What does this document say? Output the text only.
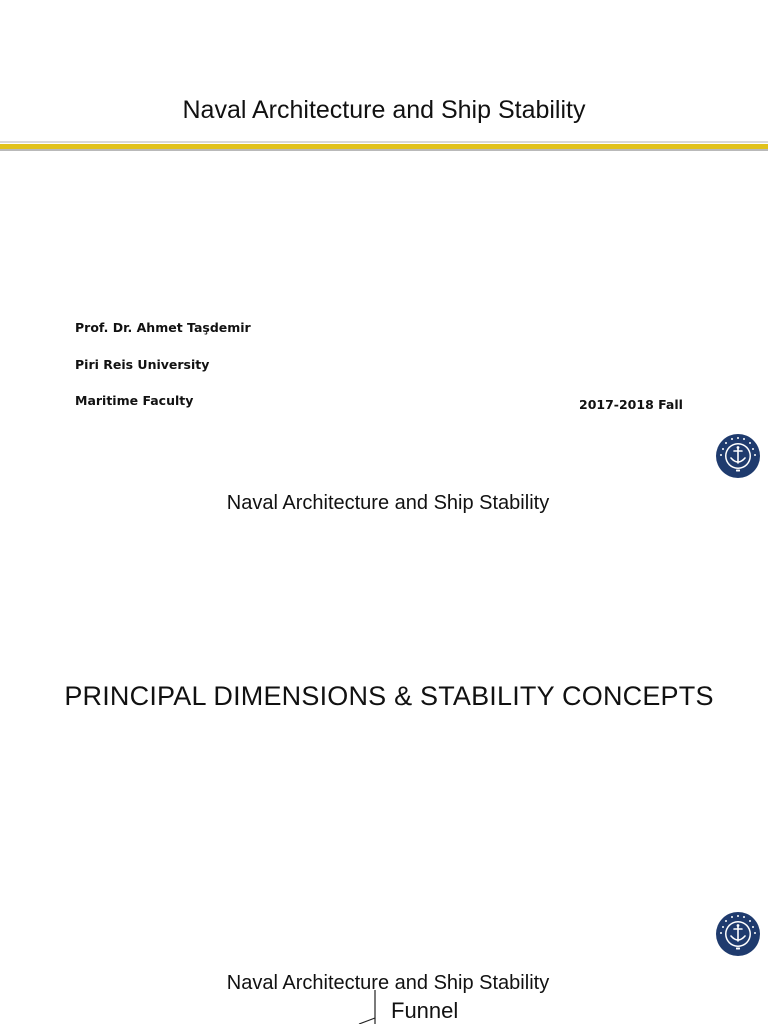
Naval Architecture and Ship Stability
Prof. Dr. Ahmet Taşdemir
Piri Reis University
Maritime Faculty	2017-2018 Fall
Naval Architecture and Ship Stability
PRINCIPAL DIMENSIONS & STABILITY CONCEPTS
Naval Architecture and Ship Stability
Funnel
